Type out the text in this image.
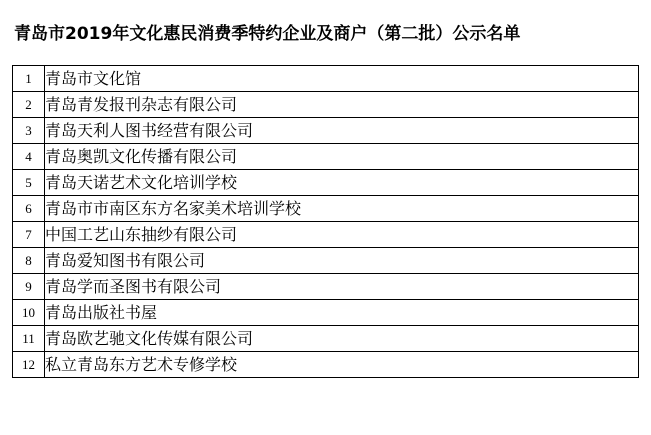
青岛市2019年文化惠民消费季特约企业及商户（第二批）公示名单
1	青岛市文化馆
2	青岛青发报刊杂志有限公司
3	青岛天利人图书经营有限公司
4	青岛奥凯文化传播有限公司
5	青岛天诺艺术文化培训学校
6	青岛市市南区东方名家美术培训学校
7	中国工艺山东抽纱有限公司
8	青岛爱知图书有限公司
9	青岛学而圣图书有限公司
10	青岛出版社书屋
11	青岛欧艺驰文化传媒有限公司
12	私立青岛东方艺术专修学校
